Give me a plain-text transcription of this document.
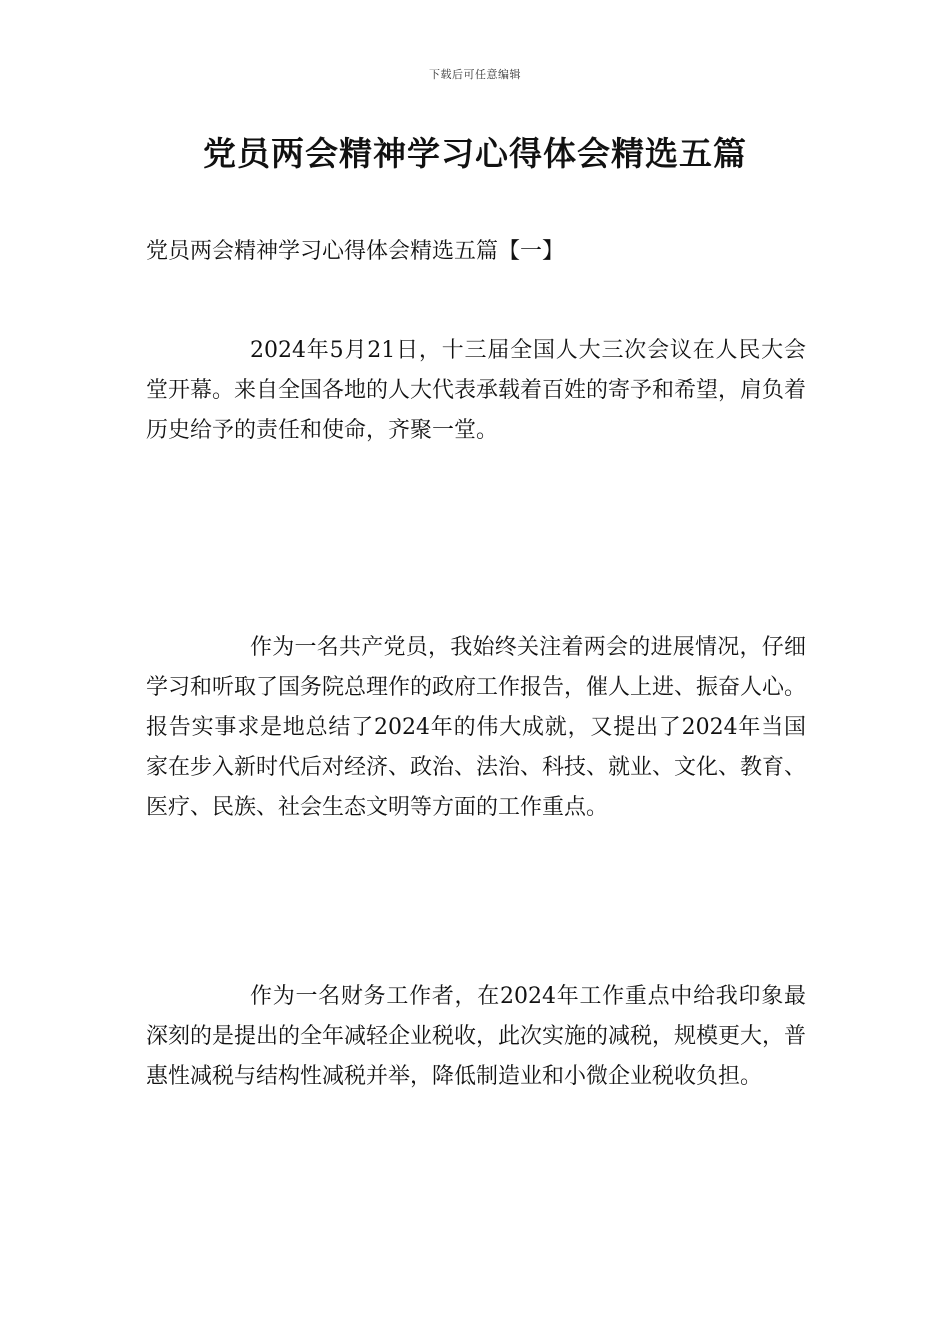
下载后可任意编辑
党员两会精神学习心得体会精选五篇
党员两会精神学习心得体会精选五篇【一】

2024年5月21日，十三届全国人大三次会议在人民大会堂开幕。来自全国各地的人大代表承载着百姓的寄予和希望，肩负着历史给予的责任和使命，齐聚一堂。

作为一名共产党员，我始终关注着两会的进展情况，仔细学习和听取了国务院总理作的政府工作报告，催人上进、振奋人心。报告实事求是地总结了2024年的伟大成就，又提出了2024年当国家在步入新时代后对经济、政治、法治、科技、就业、文化、教育、医疗、民族、社会生态文明等方面的工作重点。

作为一名财务工作者，在2024年工作重点中给我印象最深刻的是提出的全年减轻企业税收，此次实施的减税，规模更大，普惠性减税与结构性减税并举，降低制造业和小微企业税收负担。
